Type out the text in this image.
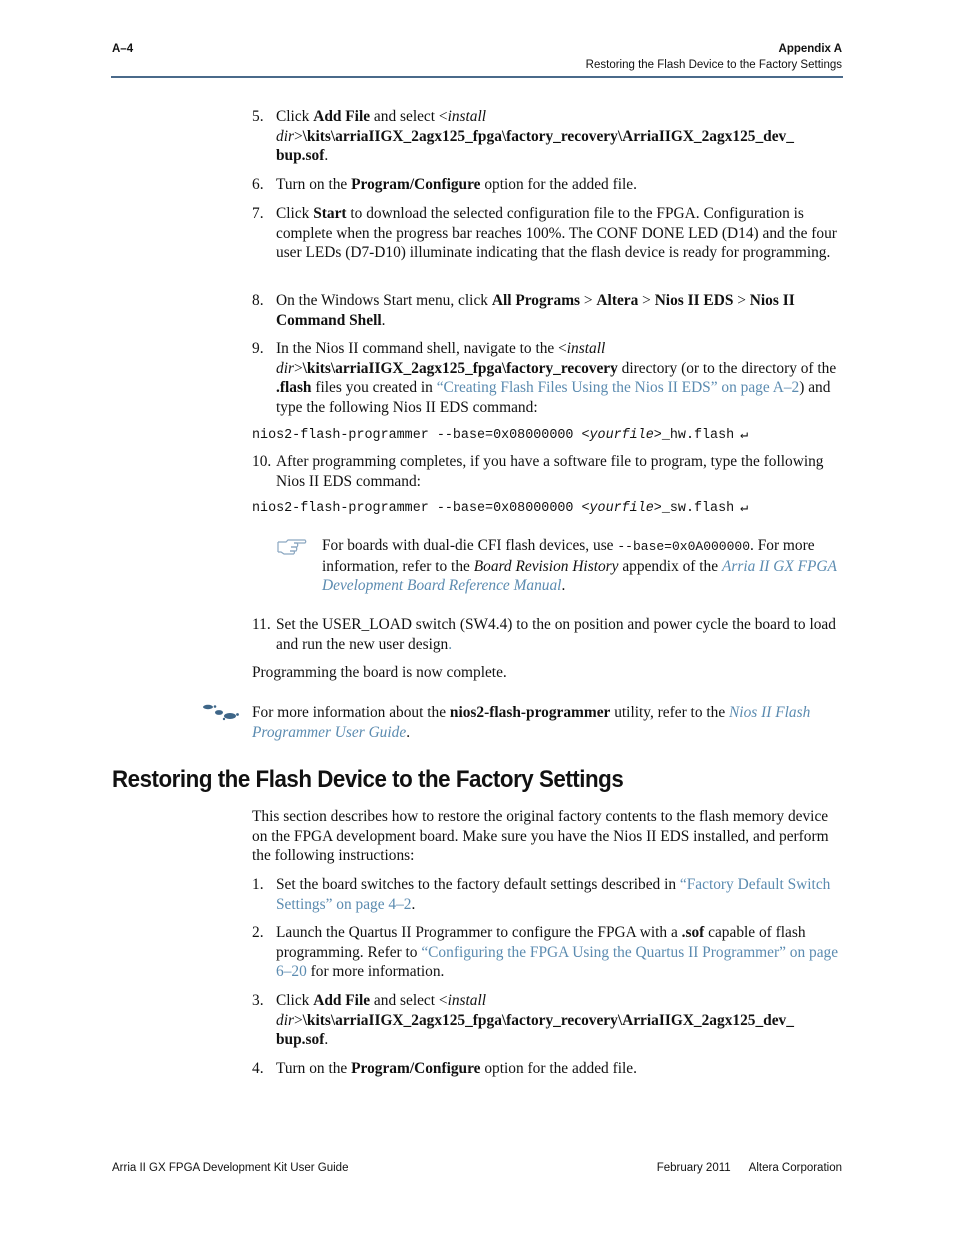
A–4	Appendix A
Restoring the Flash Device to the Factory Settings
5. Click Add File and select <install dir>\kits\arriaIIGX_2agx125_fpga\factory_recovery\ArriaIIGX_2agx125_dev_ bup.sof.
6. Turn on the Program/Configure option for the added file.
7. Click Start to download the selected configuration file to the FPGA. Configuration is complete when the progress bar reaches 100%. The CONF DONE LED (D14) and the four user LEDs (D7-D10) illuminate indicating that the flash device is ready for programming.
8. On the Windows Start menu, click All Programs > Altera > Nios II EDS > Nios II Command Shell.
9. In the Nios II command shell, navigate to the <install dir>\kits\arriaIIGX_2agx125_fpga\factory_recovery directory (or to the directory of the .flash files you created in “Creating Flash Files Using the Nios II EDS” on page A–2) and type the following Nios II EDS command:
nios2-flash-programmer --base=0x08000000 <yourfile>_hw.flash ↵
10. After programming completes, if you have a software file to program, type the following Nios II EDS command:
nios2-flash-programmer --base=0x08000000 <yourfile>_sw.flash ↵
For boards with dual-die CFI flash devices, use --base=0x0A000000. For more information, refer to the Board Revision History appendix of the Arria II GX FPGA Development Board Reference Manual.
11. Set the USER_LOAD switch (SW4.4) to the on position and power cycle the board to load and run the new user design.
Programming the board is now complete.
For more information about the nios2-flash-programmer utility, refer to the Nios II Flash Programmer User Guide.
Restoring the Flash Device to the Factory Settings
This section describes how to restore the original factory contents to the flash memory device on the FPGA development board. Make sure you have the Nios II EDS installed, and perform the following instructions:
1. Set the board switches to the factory default settings described in “Factory Default Switch Settings” on page 4–2.
2. Launch the Quartus II Programmer to configure the FPGA with a .sof capable of flash programming. Refer to “Configuring the FPGA Using the Quartus II Programmer” on page 6–20 for more information.
3. Click Add File and select <install dir>\kits\arriaIIGX_2agx125_fpga\factory_recovery\ArriaIIGX_2agx125_dev_ bup.sof.
4. Turn on the Program/Configure option for the added file.
Arria II GX FPGA Development Kit User Guide	February 2011 Altera Corporation
